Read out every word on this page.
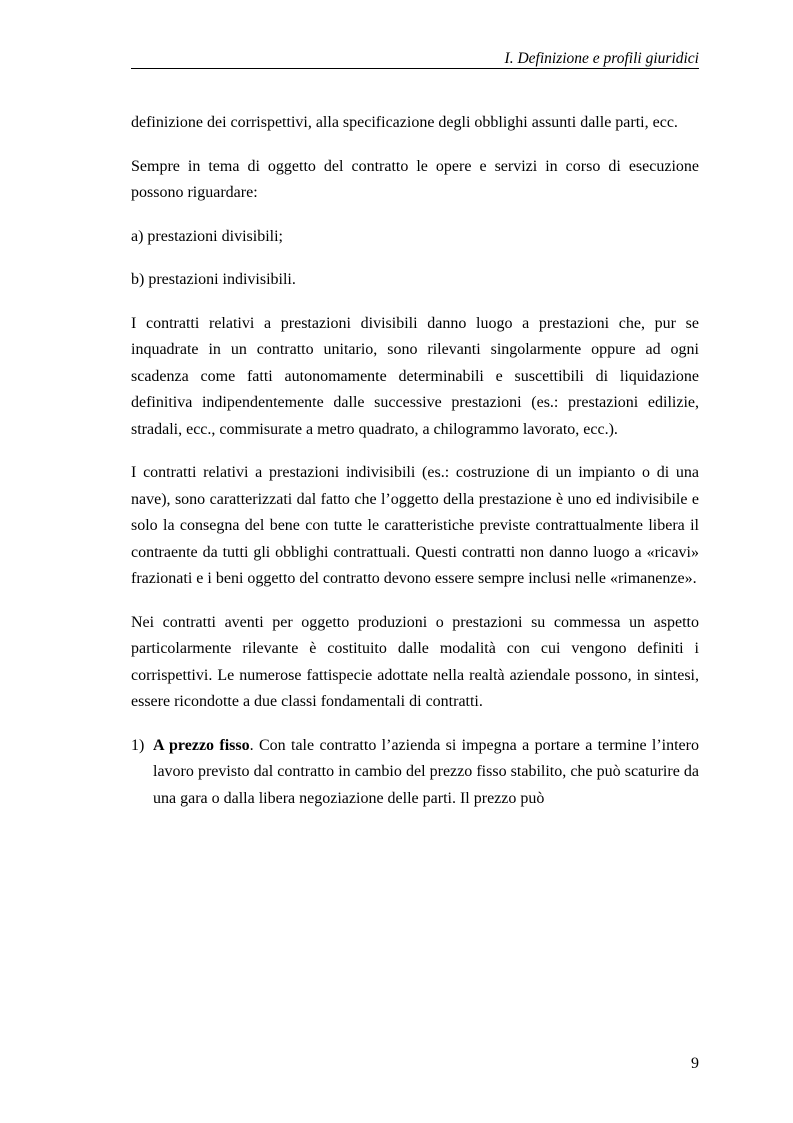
I. Definizione e profili giuridici

definizione dei corrispettivi, alla specificazione degli obblighi assunti dalle parti, ecc.

Sempre in tema di oggetto del contratto le opere e servizi in corso di esecuzione possono riguardare:

a) prestazioni divisibili;

b) prestazioni indivisibili.

I contratti relativi a prestazioni divisibili danno luogo a prestazioni che, pur se inquadrate in un contratto unitario, sono rilevanti singolarmente oppure ad ogni scadenza come fatti autonomamente determinabili e suscettibili di liquidazione definitiva indipendentemente dalle successive prestazioni (es.: prestazioni edilizie, stradali, ecc., commisurate a metro quadrato, a chilogrammo lavorato, ecc.).

I contratti relativi a prestazioni indivisibili (es.: costruzione di un impianto o di una nave), sono caratterizzati dal fatto che l’oggetto della prestazione è uno ed indivisibile e solo la consegna del bene con tutte le caratteristiche previste contrattualmente libera il contraente da tutti gli obblighi contrattuali. Questi contratti non danno luogo a «ricavi» frazionati e i beni oggetto del contratto devono essere sempre inclusi nelle «rimanenze».

Nei contratti aventi per oggetto produzioni o prestazioni su commessa un aspetto particolarmente rilevante è costituito dalle modalità con cui vengono definiti i corrispettivi. Le numerose fattispecie adottate nella realtà aziendale possono, in sintesi, essere ricondotte a due classi fondamentali di contratti.

1) A prezzo fisso. Con tale contratto l’azienda si impegna a portare a termine l’intero lavoro previsto dal contratto in cambio del prezzo fisso stabilito, che può scaturire da una gara o dalla libera negoziazione delle parti. Il prezzo può
9
